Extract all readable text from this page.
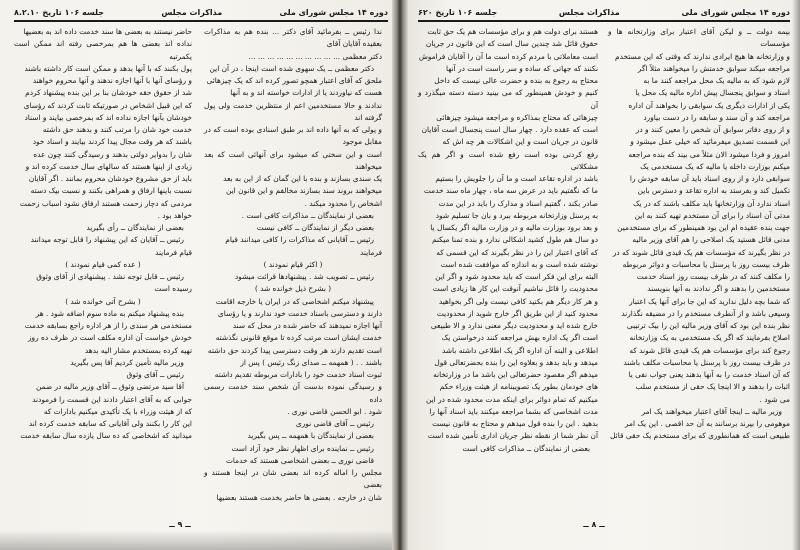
دوره ۱۴ مجلس شورای ملی
مذاکرات مجلس
جلسه ۱۰۶ تاریخ ۸.۲.۱۰

ندا رئیس ــ بفرمائید آقای دکتر ... بنده هم به مذاکرات بعقیده آقایان آقای

دکتر معظمی ... ... ... ... ... ... ... ... ... ...

دکتر معظمی ــ یک سهوی شده است اینجا ، در آن این

ملحق که آقای اعتبار همچو تصور کرده اند که یک چیزهائی

هست که نیاوردند یا از ادارات خواسته اند و به آنها

ندادند و حالا مستخدمین اعم از منتظرین خدمت ولی پول گرفته اند

و پولی که به آنها داده اند بر طبق اسنادی بوده است که در مقابل موجود

است و این سختی که میشود برای آنهائی است که بعد میخواهند

یک سندی بسازند و بنده با این گمان که از این به بعد

میخواهند بروند سند بسازند مخالفم و این قانون این

اشخاص را محدود میکند .

بعضی از نمایندگان ــ مذاکرات کافی است .

بعضی دیگر از نمایندگان ــ کافی نیست

رئیس ــ آقایانی که مذاکرات را کافی میدانند قیام

فرمایند

( اکثر قیام نمودند )

رئیس ــ تصویب شد . پیشنهادها قرائت میشود

( بشرح ذیل خوانده شد )

پیشنهاد میکنم اشخاصی که در ایران یا خارجه اقامت

دارند و دسترسی باسناد خدمت خود ندارند و یا رؤسای

آنها اجازه نمیدهند که حاضر شده در محل که سند

خدمت ایشان است مرتب کرده تا موقع قانونی نگذشته

است تقدیم دارند هر وقت دسترسی پیدا کردند حق داشته

باشند . . ( همهمه ــ صدای زنگ رئیس ) پس از

ثبوت اسناد خدمت خود را بادارات مربوطه تقدیم داشته

و رسیدگی نموده بدست آن شخص سند خدمت رسمی داده

شود . ابو الحسن قاضی نوری .

رئیس ــ آقای قاضی نوری

بعضی از نمایندگان با همهمه ــ پس بگیرید

رئیس ــ نماینده برای اظهار نظر خود آزاد است

قاضی نوری ــ بعضی اشخاصی هستند که خدمات

مجلس را اماله کرده اند بعضی شان در اینجا هستند و بعضی

شان در خارجه . بعضی ها حاضر بخدمت هستند بعضیها

حاضر نیستند به بعضی ها سند خدمت داده اند به بعضیها

نداده اند بعضی ها هم بمرخصی رفته اند ممکن است یکمرتبه

پول بکنند که با آنها بدهد و ممکن است کار داشته باشند

و رؤسای آنها با آنها اجازه ندهند و آنها محروم خواهند

شد از حقوق حقه خودشان بنا بر این بنده پیشنهاد کردم

که این قبیل اشخاص در صورتیکه ثابت کردند که رؤسای

خودشان بآنها اجازه نداده اند که بمرخصی بیایند و اسناد

خدمت خود شان را مرتب کنند و بدهند حق داشته

باشند که هر وقت مجال پیدا کردند بیایند و اسناد خود

شان را بدوایر دولتی بدهند و رسیدگی کنند چون عده

زیادی از اینها هستند که سالهای سال خدمت کرده اند و

باید از حق مشروع خودشان محروم بمانند . اگر آقایان

نسبت باینها ارفاق و همراهی بکنند و نسبت بیک دسته

مردمی که دچار زحمت هستند ارفاق نشود اسباب زحمت

خواهد بود .

بعضی از نمایندگان ــ رأی بگیرید

رئیس ــ آقایان که این پیشنهاد را قابل توجه میدانند

قیام فرمایند

( عده کمی قیام نمودند )

رئیس ــ قابل توجه نشد . پیشنهادی از آقای وثوق

رسیده است

( بشرح آتی خوانده شد )

بنده پیشنهاد میکنم به ماده سوم اضافه شود . هر

مستخدمی هر سندی را از هر اداره راجع بسابقه خدمت

خودش خواست آن اداره مکلف است در ظرف ده روز

تهیه کرده بمستخدم مشار الیه بدهد

وزیر مالیه تأمین کردیم آقا پس بگیرید

رئیس ــ آقای وثوق

آقا سید مرتضی وثوق ــ آقای وزیر مالیه در ضمن

جوابی که به آقای اعتبار دادند این قسمت را فرمودند

که از هیئت وزراء با یک تأکیدی میکنیم بادارات که

این کار را بکنند ولی آقایانی که سابقه خدمت کرده اند

میدانید که اشخاصی که ده سال یازده سال سابقه خدمت

ــ ۹ ــ
دوره ۱۴ مجلس شورای ملی
مذاکرات مجلس
جلسه ۱۰۶ تاریخ ۶۲۰

بیمه دولت ــ و لیکن آقای اعتبار برای وزارتخانه ها و مؤسسات

و وزارتخانه ها هیچ ایرادی ندارند که وقتی که این مستخدم

مراجعه میکند سوابق خدمتش را میخواهند مثلاً اگر

لازم شود که به مالیه یک محل مراجعه کنند ما به

اسناد و سوابق پنجسال پیش اداره مالیه یک محل یا

یکی از ادارات دیگری یک سوابقی را بخواهند آن اداره

مراجعه کند و آن سند و سابقه را در دست بیاورد

و از روی دفاتر سوابق آن شخص را معین کنند و در

این قسمت تصدیق میفرمائید که خیلی عمل میشود و

امروز و فردا میشود الان مثلاً می بیند که بنده مراجعه

میکنم بوزارت داخله یا مالیه که یک مستخدمی یک

سوابقی دارد و از روی اسناد باید آن سابقه خودش را

تکمیل کند و بفرستد به اداره تقاعد و دسترس باین

اسناد ندارد آن وزارتخانها باید مکلف باشند که در یک

مدتی آن اسناد را برای آن مستخدم تهیه کنند به این

جهت بنده عقیده ام این بود همینطور که برای مستخدمین

مدنی قائل هستید یک اصلاحی را هم آقای وزیر مالیه

در نظر بگیرند که مؤسسات هم یک قیدی قائل شوند که در

ظرف بیست روز با پرسنل یا محاسبات و دوائر مربوطه

را مکلف کنند که در ظرف بیست روز اسناد خدمت

مستخدمین را بدهند و اگر ندادند به آنها بنویسند

که شما بچه دلیل ندارید که این جا برای آنها یک اعتبار

وسیعی باشد و از آنطرف مستخدم را در مضیقه نگذارند

نظر بنده این بود که آقای وزیر مالیه این را بیک ترتیبی

اصلاح بفرمایند که اگر یک مستخدمی به یک وزارتخانه

رجوع کند برای مؤسسات هم یک قیدی قائل شوند که

در ظرف بیست روز با پرسنل یا محاسبات مکلف باشند

که آن اسناد خدمت را به آنها بدهند یعنی جواب نفی یا

اثبات را بدهند و الا اینجا یک حقی از مستخدم سلب

می شود .

وزیر مالیه ــ اینجا آقای اعتبار میخواهند یک امر

موهومی را بپرند برسانند به آن حد اقصی . این یک امر

طبیعی است که همانطوری که برای مستخدم یک حقی قائل

هستند برای دولت هم و برای مؤسسات هم یک حق ثابت

حقوق قائل شد چندین سال است که این قانون در جریان

است معاملاتی با مردم کرده است ما آن را آقایان فراموش

نکنند که جهاتی که ساده و سر راست است در آنها

محتاج به رجوع به بنده و حضرت عالی نیست که داخل

کنیم و خودش همینطور که می بینید دسته دسته میگذرد و آن

چیزهائی که محتاج بمذاکره و مراجعه میشود چیزهائی

است که عقده دارد . چهار سال است پنجسال است آقایان

قانون در جریان است و این اشکالات هر چه اش که

رفع کردنی بوده است رفع شده است و اگر هم یک مشکلاتی

باشد در اداره تقاعد است و ما آن را جلویش را بستیم

ما که نگفتیم باید در عرض سه ماه ، چهار ماه سند خدمت

صادر بکند ، گفتیم اسناد و مدارک را باید در این مدت

به پرسنل وزارتخانه مربوطه ببرد و بان جا تسلیم شود

و بعد برود بوزارت مالیه و در وزارت مالیه اگر یکسال یا

دو سال هم طول کشید اشکالی ندارد و بنده تمنا میکنم

که آقای اعتبار این را در نظر بگیرند که این قسمی که

نوشته شده است و به اندازه که موافقت شده است

البته برای این فکر است که باید محدود شود و اگر این

محدودیت را قائل نباشیم آنوقت این کار ها زیادی است

و هر کار دیگر هم بکنید کافی نیست ولی اگر بخواهید

محدود کنید از این طریق اگر خارج شوید از محدودیت

خارج شده اید و محدودیت دیگر معنی ندارد و الا طبیعی

است اگر یک اداره بهش مراجعه کنند درخواستن یک

اطلاعی و البته آن اداره اگر یک اطلاعی داشته باشد

میدهد و باید بدهد و بعلاوه این را بنده بحضرتعالی قول

میدهم اگر مقصود حضرتعالی این باشد ما در وزارتخانه

های خودمان بطور یک تصویبنامه از هیئت وزراء حکم

میکنیم که تمام دوائر برای اینکه مدت محدود شده در این

مدت اشخاصی که بشما مراجعه میکنند باید اسناد آنها را

بدهید . این را بنده قول میدهم و محتاج به قانون نیست

آن نظر شما از نقطه نظر جریان اداری تأمین شده است

بعضی از نمایندگان ــ مذاکرات کافی است

ــ ۸ ــ
